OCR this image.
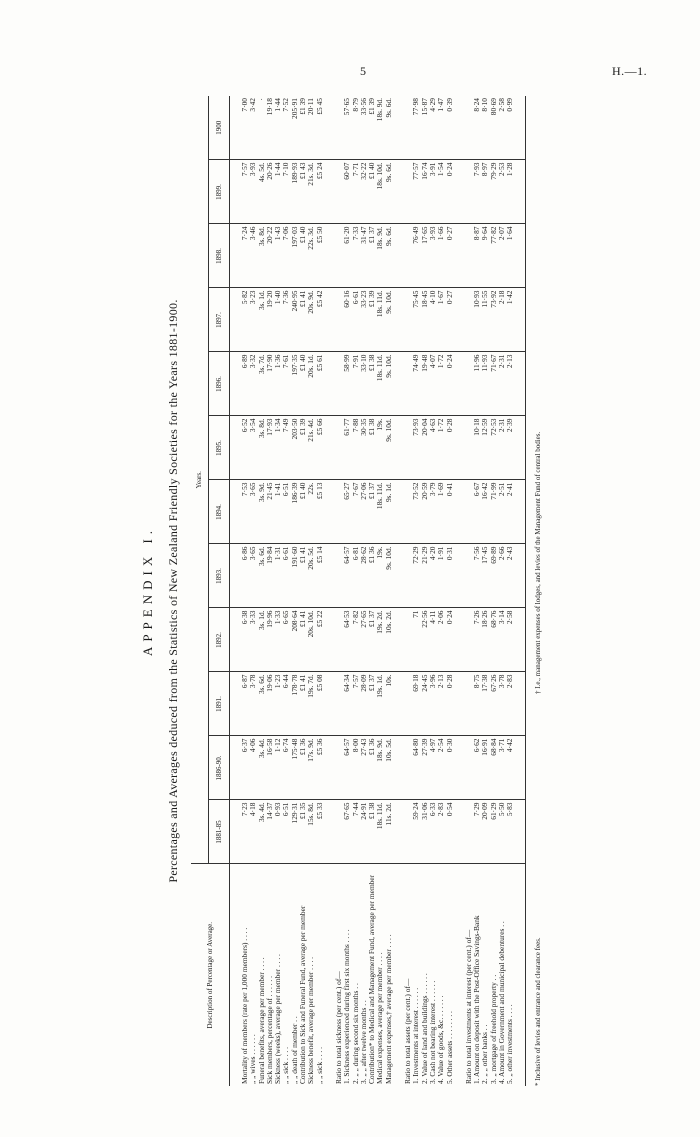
5	H.—1.
APPENDIX I. Percentages and Averages deduced from the Statistics of New Zealand Friendly Societies for the Years 1881-1900.
Description of Percentage or Average.	Years.											
	1881-85	1886-90.	1891.	1892.	1893.	1894.	1895.	1896.	1897.	1898.	1899.	1900

Mortality of members (rate per 1,000 members) . . . .	7·23	6·37	6·87	6·38	6·86	7·53	6·52	6·89	5·82	7·24	7·57	7·00
„ „ wives . . . . . .	4·18	4·06	3·78	3·33	3·65	3·65	3·54	3·32	3·23	3·46	3·93	3·42
Funeral benefits, average per member . . . .	3s. 4d.	3s. 4d.	3s. 6d.	3s. 1d.	3s. 6d.	3s. 9d.	3s. 8d.	3s. 7d.	3s. 1d.	3s. 8d.	4s. 5d.	·
Sick members, percentage of . . . . . .	14·37	16·58	19·06	19·96	19·84	21·45	17·93	17·90	19·20	20·22	20·26	19·18
Sickness (weeks), average per member . . . .	0·93	1·12	1·23	1·33	1·31	1·41	1·34	1·36	1·40	1·43	1·44	1·44
„ „ sick . . . .	6·51	6·74	6·44	6·65	6·61	6·51	7·49	7·61	7·36	7·06	7·10	7·52
„ „ death of member . .	129·31	175·48	178·78	208·64	191·60	186·39	203·50	197·35	240·95	197·03	189·93	205·91
Contribution to Sick and Funeral Fund, average per member	£1 35	£1 36	£1 41	£1 41	£1 41	£1 40	£1 39	£1 40	£1 41	£1 40	£1 43	£1 39
Sickness benefit, average per member . . . .	15s. 8d.	17s. 9d.	19s. 7d.	20s. 10d.	20s. 5d.	22s.	21s. 4d.	20s. 1d.	20s. 9d.	22s. 3d.	21s. 3d.	20·11
„ „ sick . . . .	£5 33	£5 36	£5 08	£5 22	£5 14	£5 13	£5 66	£5 61	£5 42	£5 50	£5 24	£5 45

Ratio to total sickness (per cent.) of—												
1. Sickness experienced during first six months . . . .	67·65	64·57	64·34	64·53	64·57	65·27	61·77	58·99	60·16	61·20	60·07	57·65
2. „ „ during second six months . .	7·44	8·00	7·57	7·82	6·81	7·67	7·88	7·91	6·61	7·33	7·71	8·79
3. „ „ after twelve months . .	24·91	27·43	28·09	27·65	28·62	27·06	30·35	33·10	33·23	31·47	32·22	33·56
Contribution* to Medical and Management Fund, average per member	£1 38	£1 36	£1 37	£1 37	£1 36	£1 37	£1 38	£1 38	£1 39	£1 37	£1 40	£1 39
Medical expenses, average per member . . . .	18s. 11d.	18s. 9d.	19s. 1d.	19s. 2d.	19s.	18s. 11d.	19s.	18s. 11d.	18s. 11d.	18s. 9d.	18s. 10d.	18s. 9d.
Management expenses,† average per member . . . .	11s. 2d.	10s. 5d.	10s.	10s. 2d.	9s. 10d.	9s. 1d.	9s. 10d.	9s. 10d.	9s. 10d.	9s. 6d.	9s. 6d.	9s. 6d.

Ratio to total assets (per cent.) of—												
1. Investments at interest . . . . . .	59·24	64·80	69·18	71	72·29	73·52	73·93	74·49	75·45	76·49	77·57	77·98
2. Value of land and buildings . . . . . .	31·06	27·39	24·45	22·56	21·29	20·59	20·04	19·48	18·45	17·65	16·74	15·87
3. Cash not bearing interest . . . . . .	6·33	4·97	3·96	4·11	4·20	3·79	4·63	4·07	4·10	3·93	3·91	4·29
4. Value of goods, &c. . . . . . .	2·83	2·54	2·13	2·06	1·91	1·69	1·72	1·72	1·67	1·66	1·54	1·47
5. Other assets . . . . . . . .	0·54	0·30	0·28	0·24	0·31	0·41	0·28	0·24	0·27	0·27	0·24	0·39

Ratio to total investments at interest (per cent.) of—												
1. Amount on deposit with the Post-Office Savings-Bank	7·29	6·62	8·75	7·26	7·56	6·67	10·18	11·96	10·93	8·87	7·93	8·24
2. „ „ other banks . .	20·09	16·91	17·38	18·26	17·45	16·42	12·59	11·93	11·55	9·64	8·97	8·10
3. „ mortgage of freehold property . .	61·29	68·84	67·26	68·76	69·89	71·99	72·53	71·67	73·92	77·82	79·29	80·69
4. Amount in Government and municipal debentures . .	5·50	3·71	3·78	3·14	2·66	2·51	2·31	2·31	2·18	2·07	2·53	2·58
5. „ other investments . . . .	5·83	4·42	2·83	2·58	2·43	2·41	2·39	2·13	1·42	1·64	1·28	0·99

* Inclusive of levies and entrance and clearance fees.
† I.e., management expenses of lodges, and levies of the Management Fund of central bodies.
